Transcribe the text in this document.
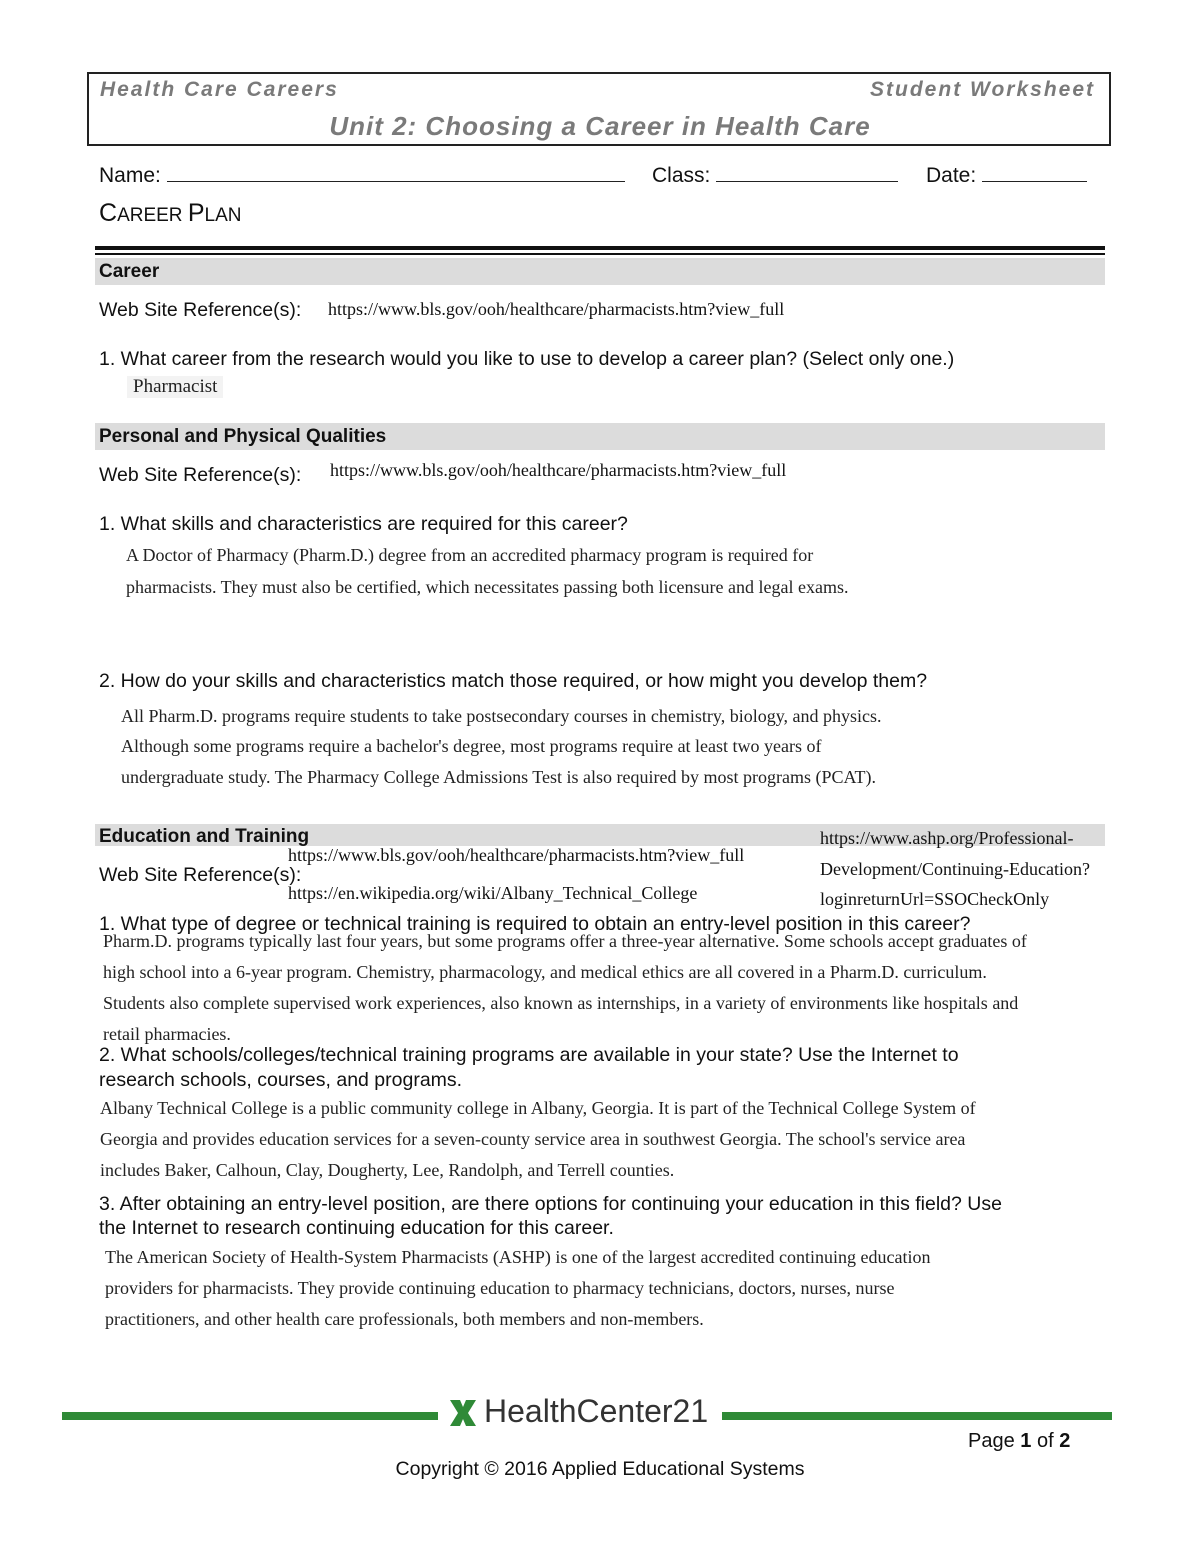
Health Care Careers	Student Worksheet
Unit 2: Choosing a Career in Health Care
Name:	Class:	Date:
CAREER PLAN
Career
Web Site Reference(s): https://www.bls.gov/ooh/healthcare/pharmacists.htm?view_full
1. What career from the research would you like to use to develop a career plan? (Select only one.)
Pharmacist
Personal and Physical Qualities
Web Site Reference(s): https://www.bls.gov/ooh/healthcare/pharmacists.htm?view_full
1. What skills and characteristics are required for this career?
A Doctor of Pharmacy (Pharm.D.) degree from an accredited pharmacy program is required for
pharmacists. They must also be certified, which necessitates passing both licensure and legal exams.
2. How do your skills and characteristics match those required, or how might you develop them?
All Pharm.D. programs require students to take postsecondary courses in chemistry, biology, and physics.
Although some programs require a bachelor's degree, most programs require at least two years of
undergraduate study. The Pharmacy College Admissions Test is also required by most programs (PCAT).
Education and Training	https://www.ashp.org/Professional-
Development/Continuing-Education?
loginreturnUrl=SSOCheckOnly
https://www.bls.gov/ooh/healthcare/pharmacists.htm?view_full
Web Site Reference(s):
https://en.wikipedia.org/wiki/Albany_Technical_College
1. What type of degree or technical training is required to obtain an entry-level position in this career?
Pharm.D. programs typically last four years, but some programs offer a three-year alternative. Some schools accept graduates of
high school into a 6-year program. Chemistry, pharmacology, and medical ethics are all covered in a Pharm.D. curriculum.
Students also complete supervised work experiences, also known as internships, in a variety of environments like hospitals and
retail pharmacies.
2. What schools/colleges/technical training programs are available in your state? Use the Internet to
research schools, courses, and programs.
Albany Technical College is a public community college in Albany, Georgia. It is part of the Technical College System of
Georgia and provides education services for a seven-county service area in southwest Georgia. The school's service area
includes Baker, Calhoun, Clay, Dougherty, Lee, Randolph, and Terrell counties.
3. After obtaining an entry-level position, are there options for continuing your education in this field? Use
the Internet to research continuing education for this career.
The American Society of Health-System Pharmacists (ASHP) is one of the largest accredited continuing education
providers for pharmacists. They provide continuing education to pharmacy technicians, doctors, nurses, nurse
practitioners, and other health care professionals, both members and non-members.
HealthCenter21
Page 1 of 2
Copyright © 2016 Applied Educational Systems
